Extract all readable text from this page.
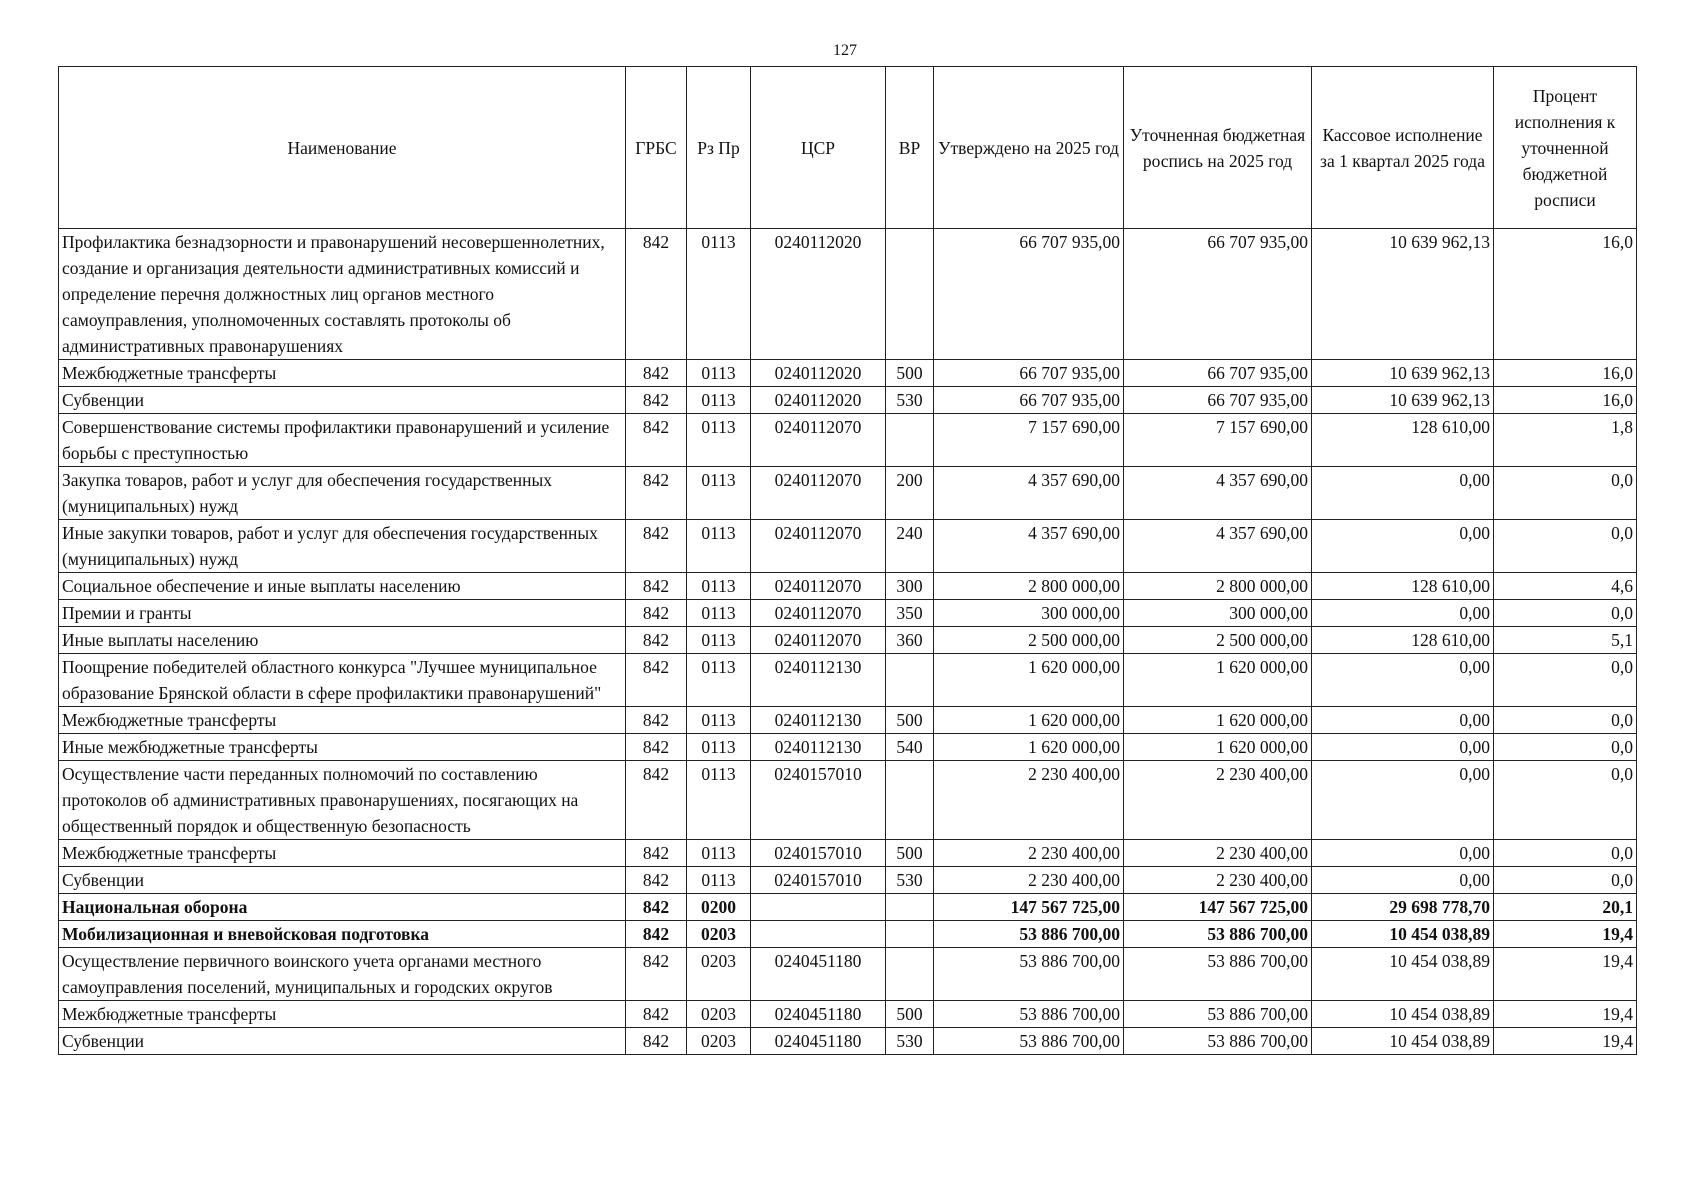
127
Наименование	ГРБС	Рз Пр	ЦСР	ВР	Утверждено на 2025 год	Уточненная бюджетная роспись на 2025 год	Кассовое исполнение за 1 квартал 2025 года	Процент исполнения к уточненной бюджетной росписи
Профилактика безнадзорности и правонарушений несовершеннолетних, создание и организация деятельности административных комиссий и определение перечня должностных лиц органов местного самоуправления, уполномоченных составлять протоколы об административных правонарушениях	842	0113	0240112020		66 707 935,00	66 707 935,00	10 639 962,13	16,0
Межбюджетные трансферты	842	0113	0240112020	500	66 707 935,00	66 707 935,00	10 639 962,13	16,0
Субвенции	842	0113	0240112020	530	66 707 935,00	66 707 935,00	10 639 962,13	16,0
Совершенствование системы профилактики правонарушений и усиление борьбы с преступностью	842	0113	0240112070		7 157 690,00	7 157 690,00	128 610,00	1,8
Закупка товаров, работ и услуг для обеспечения государственных (муниципальных) нужд	842	0113	0240112070	200	4 357 690,00	4 357 690,00	0,00	0,0
Иные закупки товаров, работ и услуг для обеспечения государственных (муниципальных) нужд	842	0113	0240112070	240	4 357 690,00	4 357 690,00	0,00	0,0
Социальное обеспечение и иные выплаты населению	842	0113	0240112070	300	2 800 000,00	2 800 000,00	128 610,00	4,6
Премии и гранты	842	0113	0240112070	350	300 000,00	300 000,00	0,00	0,0
Иные выплаты населению	842	0113	0240112070	360	2 500 000,00	2 500 000,00	128 610,00	5,1
Поощрение победителей областного конкурса "Лучшее муниципальное образование Брянской области в сфере профилактики правонарушений"	842	0113	0240112130		1 620 000,00	1 620 000,00	0,00	0,0
Межбюджетные трансферты	842	0113	0240112130	500	1 620 000,00	1 620 000,00	0,00	0,0
Иные межбюджетные трансферты	842	0113	0240112130	540	1 620 000,00	1 620 000,00	0,00	0,0
Осуществление части переданных полномочий по составлению протоколов об административных правонарушениях, посягающих на общественный порядок и общественную безопасность	842	0113	0240157010		2 230 400,00	2 230 400,00	0,00	0,0
Межбюджетные трансферты	842	0113	0240157010	500	2 230 400,00	2 230 400,00	0,00	0,0
Субвенции	842	0113	0240157010	530	2 230 400,00	2 230 400,00	0,00	0,0
Национальная оборона	842	0200			147 567 725,00	147 567 725,00	29 698 778,70	20,1
Мобилизационная и вневойсковая подготовка	842	0203			53 886 700,00	53 886 700,00	10 454 038,89	19,4
Осуществление первичного воинского учета органами местного самоуправления поселений, муниципальных и городских округов	842	0203	0240451180		53 886 700,00	53 886 700,00	10 454 038,89	19,4
Межбюджетные трансферты	842	0203	0240451180	500	53 886 700,00	53 886 700,00	10 454 038,89	19,4
Субвенции	842	0203	0240451180	530	53 886 700,00	53 886 700,00	10 454 038,89	19,4
